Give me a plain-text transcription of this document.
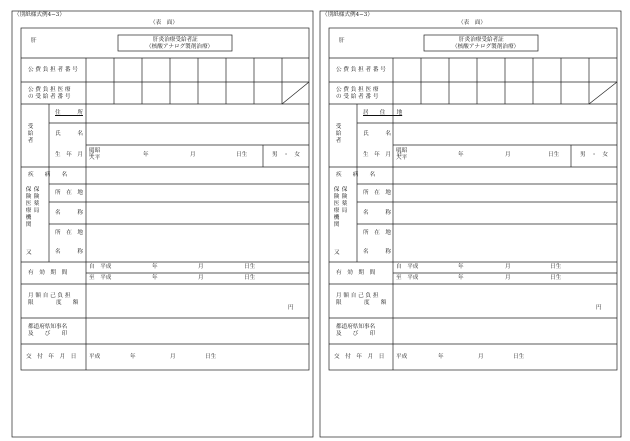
（別紙様式例4−3）
（表　面）
肝	肝炎治療受給者証
（核酸アナログ製剤治療）
公 費 負 担 者 番 号
公 費 負 担 医 療
の 受 給 者 番 号
受給者
住　　　所
氏　　　名
生　年　月　日
明昭
大平	年	月	日生	男　・　女
疾　　病　　名
保険医療機関
保険薬局
又
所　在　地
名　　　称
所　在　地
名　　　称
有　効　期　間
自　平成	年	月	日生
至　平成	年	月	日生
月 額 自 己 負 担
限　　　　度　　額
円
都道府県知事名
及　　び　　印
交　付　年　月　日 平成	年	月	日生
（別紙様式例4−3）
（表　面）
肝	肝炎治療受給者証
（核酸アナログ製剤治療）
公 費 負 担 者 番 号
公 費 負 担 医 療
の 受 給 者 番 号
受給者
居　　住　　地
氏　　　名
生　年　月　日
明昭
大平	年	月	日生	男　・　女
疾　　病　　名
保険医療機関
保険薬局
又
所　在　地
名　　　称
所　在　地
名　　　称
有　効　期　間
自　平成	年	月	日生
至　平成	年	月	日生
月 額 自 己 負 担
限　　　　度　　額
円
都道府県知事名
及　　び　　印
交　付　年　月　日 平成	年	月	日生
